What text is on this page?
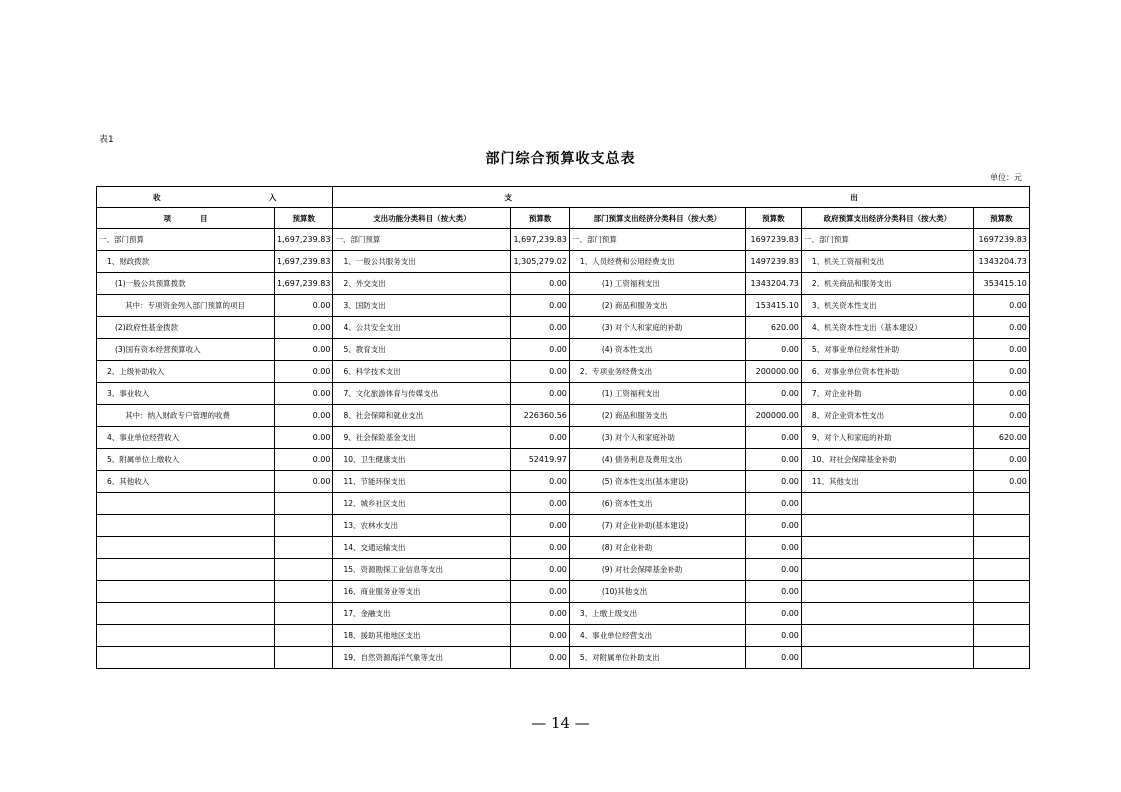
表1
部门综合预算收支总表
单位：元
收 入		支 出					

项 目	预算数	支出功能分类科目（按大类）	预算数	部门预算支出经济分类科目（按大类）	预算数	政府预算支出经济分类科目（按大类）	预算数
一、部门预算	1,697,239.83	一、部门预算	1,697,239.83	一、部门预算	1697239.83	一、部门预算	1697239.83
1、财政拨款	1,697,239.83	1、一般公共服务支出	1,305,279.02	1、人员经费和公用经费支出	1497239.83	1、机关工资福利支出	1343204.73
(1)一般公共预算拨款	1,697,239.83	2、外交支出	0.00	(1) 工资福利支出	1343204.73	2、机关商品和服务支出	353415.10
其中：专项资金列入部门预算的项目	0.00	3、国防支出	0.00	(2) 商品和服务支出	153415.10	3、机关资本性支出	0.00
(2)政府性基金拨款	0.00	4、公共安全支出	0.00	(3) 对个人和家庭的补助	620.00	4、机关资本性支出（基本建设）	0.00
(3)国有资本经营预算收入	0.00	5、教育支出	0.00	(4) 资本性支出	0.00	5、对事业单位经常性补助	0.00
2、上级补助收入	0.00	6、科学技术支出	0.00	2、专项业务经费支出	200000.00	6、对事业单位资本性补助	0.00
3、事业收入	0.00	7、文化旅游体育与传媒支出	0.00	(1) 工资福利支出	0.00	7、对企业补助	0.00
其中：纳入财政专户管理的收费	0.00	8、社会保障和就业支出	226360.56	(2) 商品和服务支出	200000.00	8、对企业资本性支出	0.00
4、事业单位经营收入	0.00	9、社会保险基金支出	0.00	(3) 对个人和家庭补助	0.00	9、对个人和家庭的补助	620.00
5、附属单位上缴收入	0.00	10、卫生健康支出	52419.97	(4) 债务利息及费用支出	0.00	10、对社会保障基金补助	0.00
6、其他收入	0.00	11、节能环保支出	0.00	(5) 资本性支出(基本建设)	0.00	11、其他支出	0.00
		12、城乡社区支出	0.00	(6) 资本性支出	0.00		
		13、农林水支出	0.00	(7) 对企业补助(基本建设)	0.00		
		14、交通运输支出	0.00	(8) 对企业补助	0.00		
		15、资源勘探工业信息等支出	0.00	(9) 对社会保障基金补助	0.00		
		16、商业服务业等支出	0.00	(10)其他支出	0.00		
		17、金融支出	0.00	3、上缴上级支出	0.00		
		18、援助其他地区支出	0.00	4、事业单位经营支出	0.00		
		19、自然资源海洋气象等支出	0.00	5、对附属单位补助支出	0.00		
— 14 —
